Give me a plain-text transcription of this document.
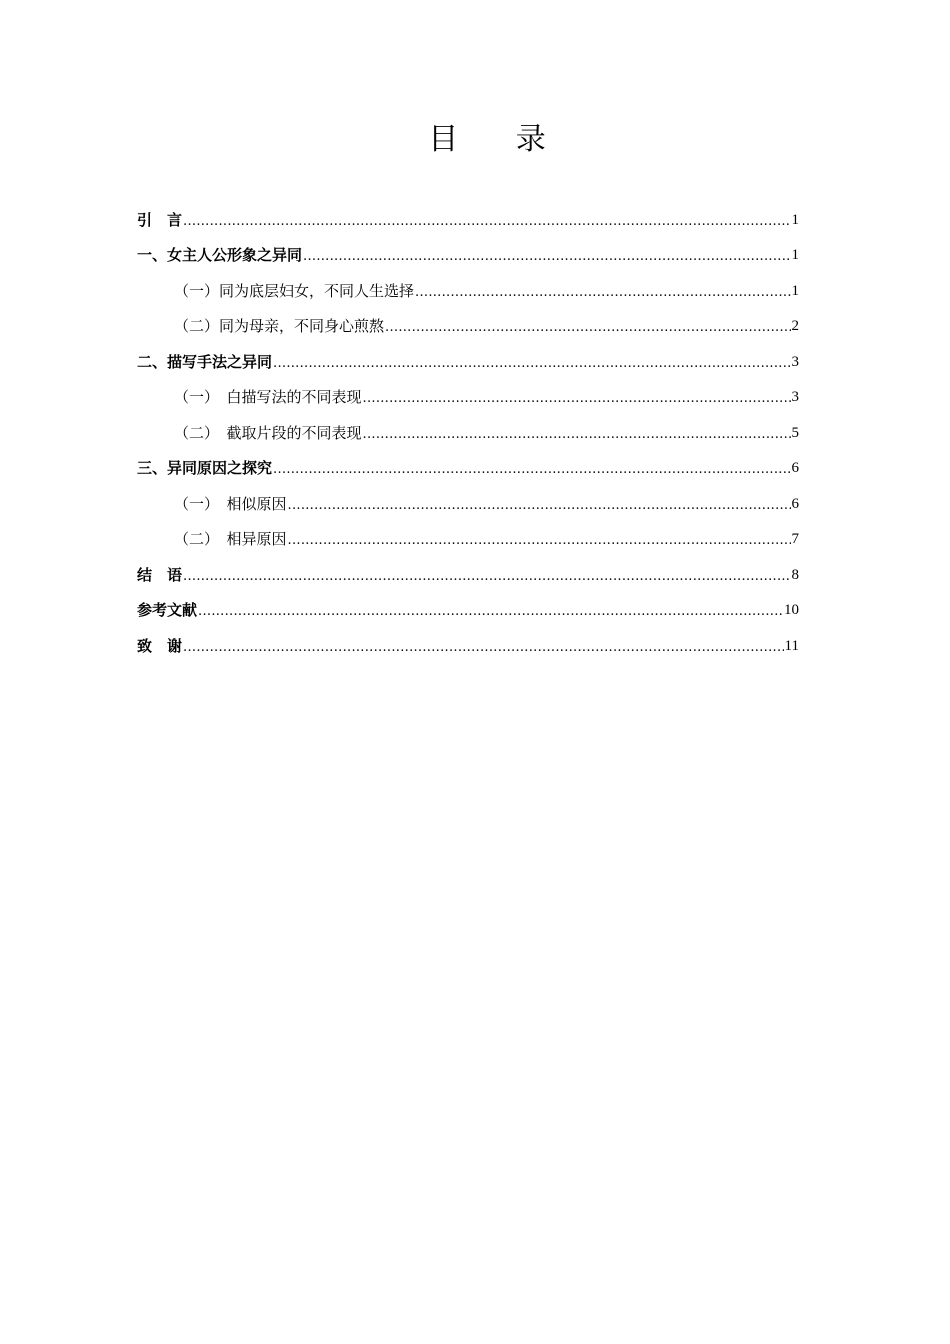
目 录
引　言 .....	1
一、女主人公形象之异同 .....	1
（一）同为底层妇女，不同人生选择 .....	1
（二）同为母亲，不同身心煎熬 .....	2
二、描写手法之异同 .....	3
（一）　白描写法的不同表现 .....	3
（二）　截取片段的不同表现 .....	5
三、异同原因之探究 .....	6
（一）　相似原因 .....	6
（二）　相异原因 .....	7
结　语 .....	8
参考文献 .....	10
致　谢 .....	11
